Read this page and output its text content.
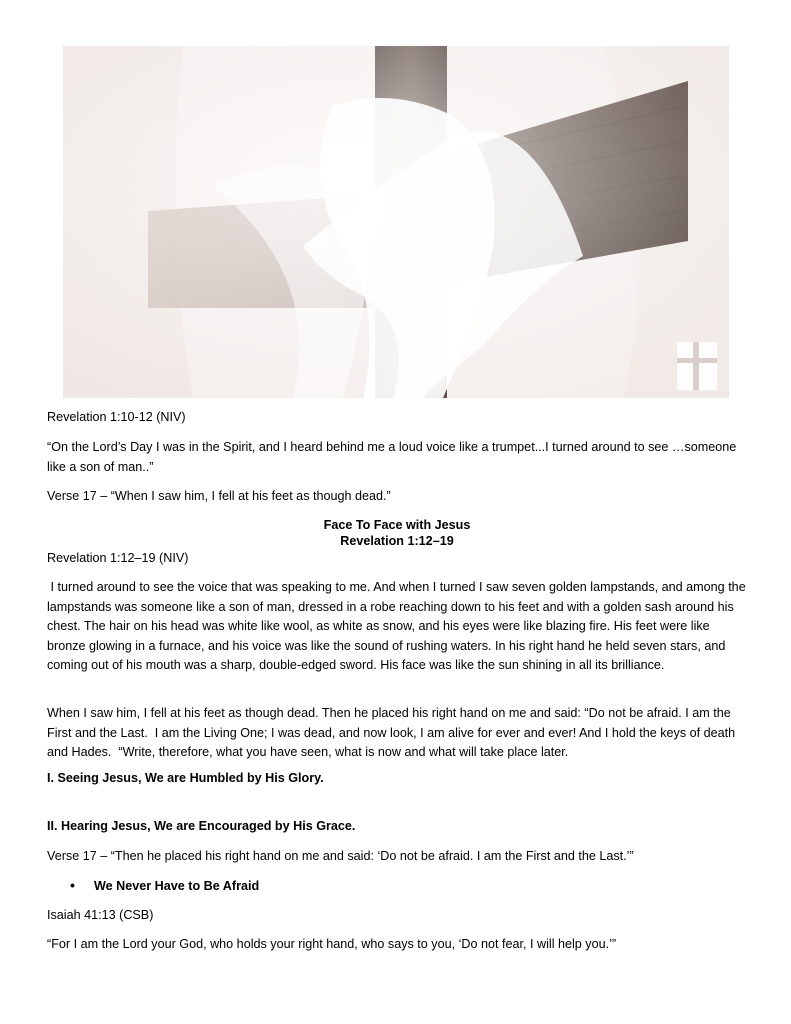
Revelation 1:10-12 (NIV)

“On the Lord’s Day I was in the Spirit, and I heard behind me a loud voice like a trumpet...I turned around to see …someone like a son of man..”

Verse 17 – “When I saw him, I fell at his feet as though dead.”

Face To Face with Jesus
Revelation 1:12–19

Revelation 1:12–19 (NIV)

I turned around to see the voice that was speaking to me. And when I turned I saw seven golden lampstands, and among the lampstands was someone like a son of man, dressed in a robe reaching down to his feet and with a golden sash around his chest. The hair on his head was white like wool, as white as snow, and his eyes were like blazing fire. His feet were like bronze glowing in a furnace, and his voice was like the sound of rushing waters. In his right hand he held seven stars, and coming out of his mouth was a sharp, double-edged sword. His face was like the sun shining in all its brilliance.

When I saw him, I fell at his feet as though dead. Then he placed his right hand on me and said: “Do not be afraid. I am the First and the Last.  I am the Living One; I was dead, and now look, I am alive for ever and ever! And I hold the keys of death and Hades.  “Write, therefore, what you have seen, what is now and what will take place later.

I. Seeing Jesus, We are Humbled by His Glory.

II. Hearing Jesus, We are Encouraged by His Grace.

Verse 17 – “Then he placed his right hand on me and said: ‘Do not be afraid. I am the First and the Last.’”

• We Never Have to Be Afraid

Isaiah 41:13 (CSB)

“For I am the Lord your God, who holds your right hand, who says to you, ‘Do not fear, I will help you.’”
